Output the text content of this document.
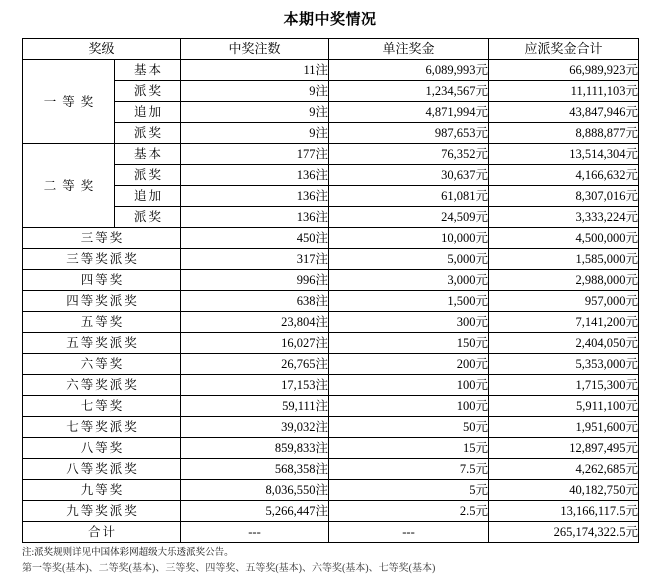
本期中奖情况
奖级		中奖注数	单注奖金	应派奖金合计
一等奖	基本	11注	6,089,993元	66,989,923元
	派奖	9注	1,234,567元	11,111,103元
	追加	9注	4,871,994元	43,847,946元
	派奖	9注	987,653元	8,888,877元
二等奖	基本	177注	76,352元	13,514,304元
	派奖	136注	30,637元	4,166,632元
	追加	136注	61,081元	8,307,016元
	派奖	136注	24,509元	3,333,224元
三等奖		450注	10,000元	4,500,000元
三等奖派奖		317注	5,000元	1,585,000元
四等奖		996注	3,000元	2,988,000元
四等奖派奖		638注	1,500元	957,000元
五等奖		23,804注	300元	7,141,200元
五等奖派奖		16,027注	150元	2,404,050元
六等奖		26,765注	200元	5,353,000元
六等奖派奖		17,153注	100元	1,715,300元
七等奖		59,111注	100元	5,911,100元
七等奖派奖		39,032注	50元	1,951,600元
八等奖		859,833注	15元	12,897,495元
八等奖派奖		568,358注	7.5元	4,262,685元
九等奖		8,036,550注	5元	40,182,750元
九等奖派奖		5,266,447注	2.5元	13,166,117.5元
合计		---	---	265,174,322.5元
注:派奖规则详见中国体彩网超级大乐透派奖公告。
第一等奖(基本)、二等奖(基本)、三等奖、四等奖、五等奖(基本)、六等奖(基本)、七等奖(基本)
